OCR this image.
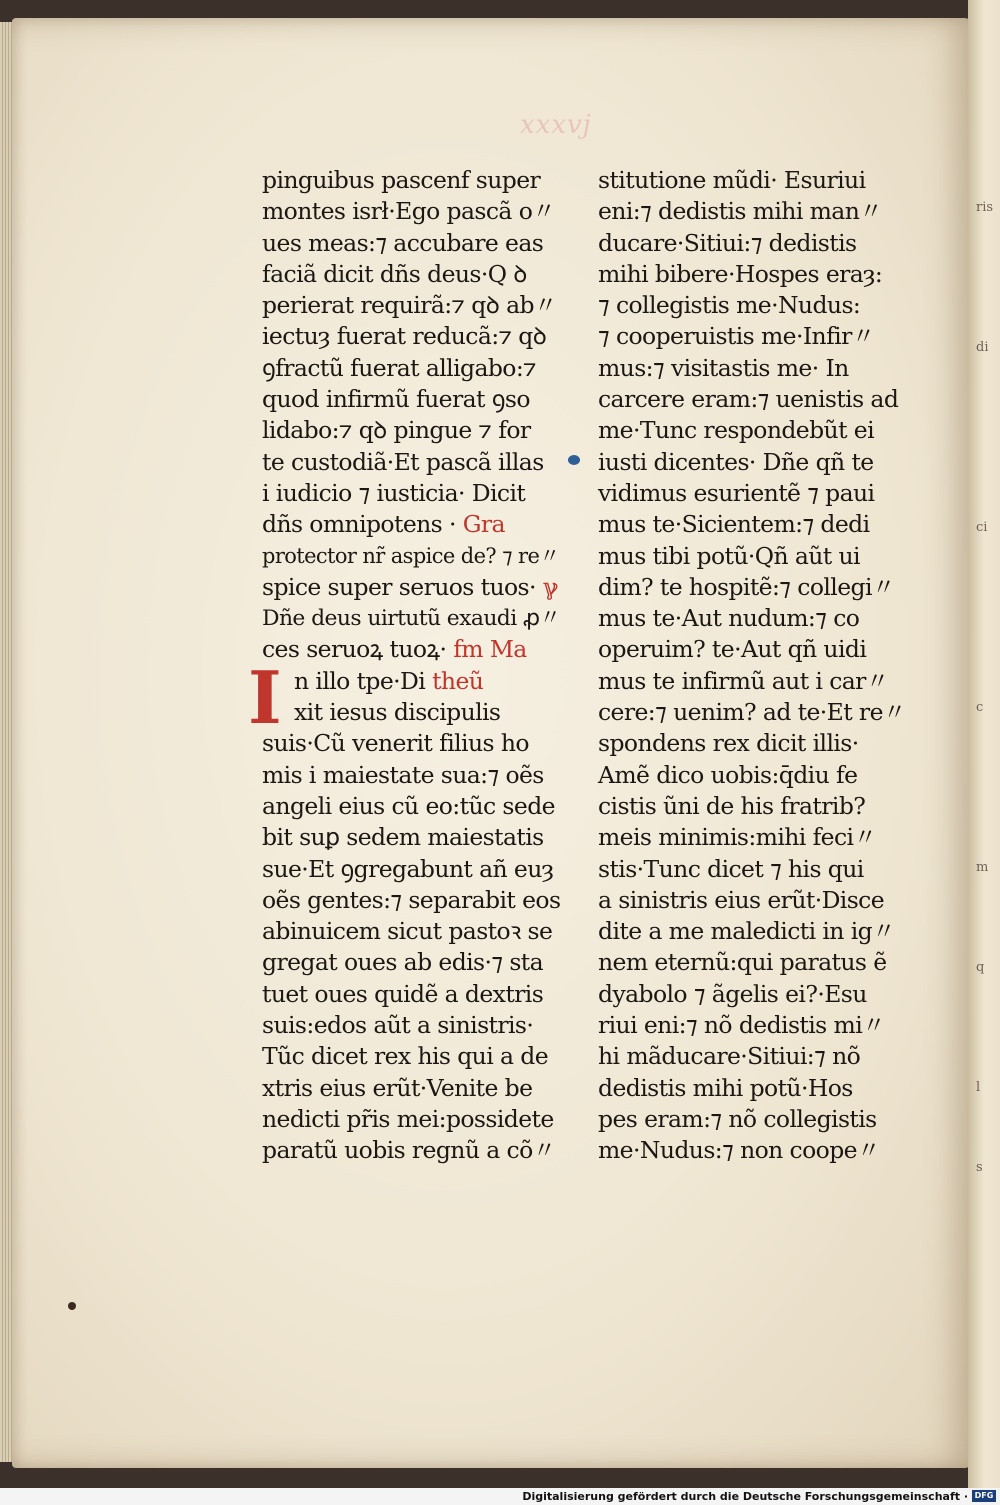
ris
di
ci
c
m
q
l
s
xxxvj
pinguibus pascenf super
montes isrł·Ego pascã o〃
ues meas:⁊ accubare eas
faciã dicit dñs deus·Q ꝺ
perierat requirã:⁊ qꝺ ab〃
iectuȝ fuerat reducã:⁊ qꝺ
ꝯfractũ fuerat alligabo:⁊
quod infirmũ fuerat ꝯso
lidabo:⁊ qꝺ pingue ⁊ for
te custodiã·Et pascã illas
i iudicio ⁊ iusticia· Dicit
dñs omnipotens · Gra
protector nr̃ aspice de? ⁊ re〃
spice super seruos tuos· ℽ
Dñe deus uirtutũ exaudi ꝓ〃
ces seruoꝝ tuoꝝ· fm Ma
n illo tpe·Di theũ
xit iesus discipulis
suis·Cũ venerit filius ho
mis i maiestate sua:⁊ oẽs
angeli eius cũ eo:tũc sede
bit suꝑ sedem maiestatis
sue·Et ꝯgregabunt añ euȝ
oẽs gentes:⁊ separabit eos
abinuicem sicut pastoꝛ se
gregat oues ab edis·⁊ sta
tuet oues quidẽ a dextris
suis:edos aũt a sinistris·
Tũc dicet rex his qui a de
xtris eius erũt·Venite be
nedicti pr̃is mei:possidete
paratũ uobis regnũ a cõ〃
I
stitutione mũdi· Esuriui
eni:⁊ dedistis mihi man〃
ducare·Sitiui:⁊ dedistis
mihi bibere·Hospes eraȝ:
⁊ collegistis me·Nudus:
⁊ cooperuistis me·Infir〃
mus:⁊ visitastis me· In
carcere eram:⁊ uenistis ad
me·Tunc respondebũt ei
iusti dicentes· Dñe qñ te
vidimus esurientẽ ⁊ paui
mus te·Sicientem:⁊ dedi
mus tibi potũ·Qñ aũt ui
dim? te hospitẽ:⁊ collegi〃
mus te·Aut nudum:⁊ co
operuim? te·Aut qñ uidi
mus te infirmũ aut i car〃
cere:⁊ uenim? ad te·Et re〃
spondens rex dicit illis·
Amẽ dico uobis:q̄diu fe
cistis ũni de his fratrib?
meis minimis:mihi feci〃
stis·Tunc dicet ⁊ his qui
a sinistris eius erũt·Disce
dite a me maledicti in ig〃
nem eternũ:qui paratus ẽ
dyabolo ⁊ ãgelis ei?·Esu
riui eni:⁊ nõ dedistis mi〃
hi mãducare·Sitiui:⁊ nõ
dedistis mihi potũ·Hos
pes eram:⁊ nõ collegistis
me·Nudus:⁊ non coope〃
Digitalisierung gefördert durch die Deutsche Forschungsgemeinschaft · DFG
